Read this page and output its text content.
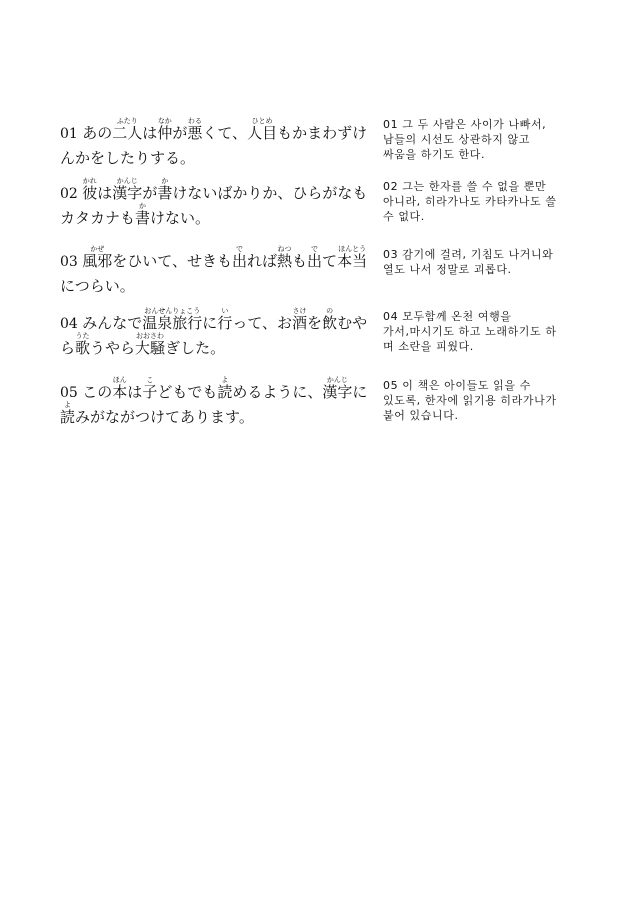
01 あの二人ふたりは仲なかが悪わるくて、人目ひとめもかまわずけんかをしたりする。
01 그 두 사람은 사이가 나빠서,
남들의 시선도 상관하지 않고
싸움을 하기도 한다.
02 彼かれは漢字かんじが書かけないばかりか、ひらがなもカタカナも書かけない。
02 그는 한자를 쓸 수 없을 뿐만
아니라, 히라가나도 카타카나도 쓸
수 없다.
03 風邪かぜをひいて、せきも出でれば熱ねつも出でて本当ほんとうにつらい。
03 감기에 걸려, 기침도 나거니와
열도 나서 정말로 괴롭다.
04 みんなで温泉旅行おんせんりょこうに行いって、お酒さけを飲のむやら歌うたうやら大騒おおさわぎした。
04 모두함께 온천 여행을
가서,마시기도 하고 노래하기도 하
며 소란을 피웠다.
05 この本ほんは子こどもでも読よめるように、漢字かんじに読よみがながつけてあります。
05 이 책은 아이들도 읽을 수
있도록, 한자에 읽기용 히라가나가
붙어 있습니다.
